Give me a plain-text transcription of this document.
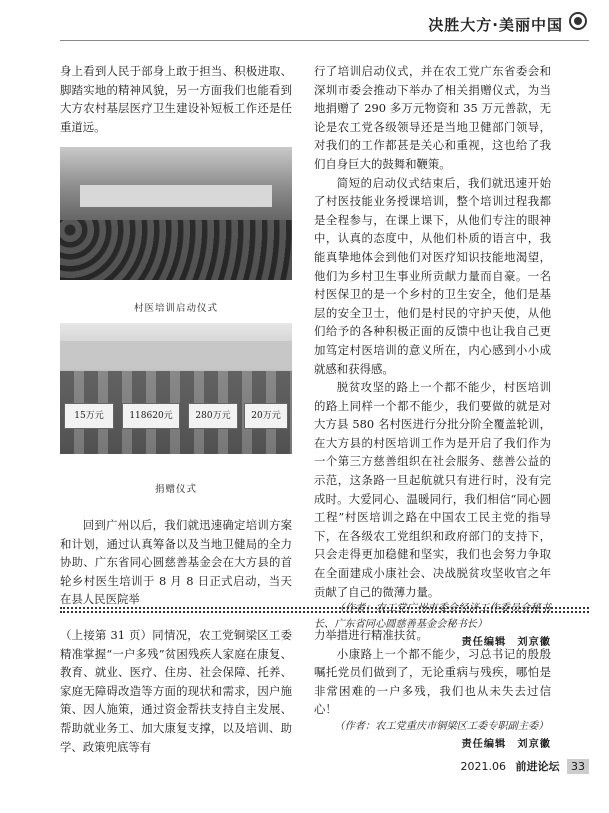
决胜大方·美丽中国

身上看到人民于部身上敢于担当、积极进取、脚踏实地的精神风貌，另一方面我们也能看到大方农村基层医疗卫生建设补短板工作还是任重道远。

村医培训启动仪式
15万元	118620元	280万元	20万元
捐赠仪式

回到广州以后，我们就迅速确定培训方案和计划，通过认真筹备以及当地卫健局的全力协助、广东省同心圆慈善基金会在大方县的首轮乡村医生培训于 8 月 8 日正式启动，当天在县人民医院举

行了培训启动仪式，并在农工党广东省委会和深圳市委会推动下举办了相关捐赠仪式，为当地捐赠了 290 多万元物资和 35 万元善款，无论是农工党各级领导还是当地卫健部门领导，对我们的工作都甚是关心和重视，这也给了我们自身巨大的鼓舞和鞭策。

简短的启动仪式结束后，我们就迅速开始了村医技能业务授课培训，整个培训过程我都是全程参与，在课上课下，从他们专注的眼神中，认真的态度中，从他们朴质的语言中，我能真挚地体会到他们对医疗知识技能地渴望，他们为乡村卫生事业所贡献力量而自豪。一名村医保卫的是一个乡村的卫生安全，他们是基层的安全卫士，他们是村民的守护天使，从他们给予的各种积极正面的反馈中也让我自己更加笃定村医培训的意义所在，内心感到小小成就感和获得感。

脱贫攻坚的路上一个都不能少，村医培训的路上同样一个都不能少，我们要做的就是对大方县 580 名村医进行分批分阶全覆盖轮训，在大方县的村医培训工作为是开启了我们作为一个第三方慈善组织在社会服务、慈善公益的示范，这条路一旦起航就只有进行时，没有完成时。大爱同心、温暖同行，我们相信“同心圆工程”村医培训之路在中国农工民主党的指导下，在各级农工党组织和政府部门的支持下，只会走得更加稳健和坚实，我们也会努力争取在全面建成小康社会、决战脱贫攻坚收官之年贡献了自己的微薄力量。

（作者：农工党广州市委会经济工作委员会秘书长、广东省同心圆慈善基金会秘书长）

责任编辑　刘京徽

（上接第 31 页）同情况，农工党铜梁区工委精准掌握“一户多残”贫困残疾人家庭在康复、教育、就业、医疗、住房、社会保障、托养、家庭无障碍改造等方面的现状和需求，因户施策、因人施策，通过资金帮扶支持自主发展、帮助就业务工、加大康复支撑，以及培训、助学、政策兜底等有

力举措进行精准扶贫。

小康路上一个都不能少，习总书记的殷殷嘱托党员们做到了，无论重病与残疾，哪怕是非常困难的一户多残，我们也从未失去过信心！

（作者：农工党重庆市铜梁区工委专职副主委）

责任编辑　刘京徽

2021.06 前进论坛 33
